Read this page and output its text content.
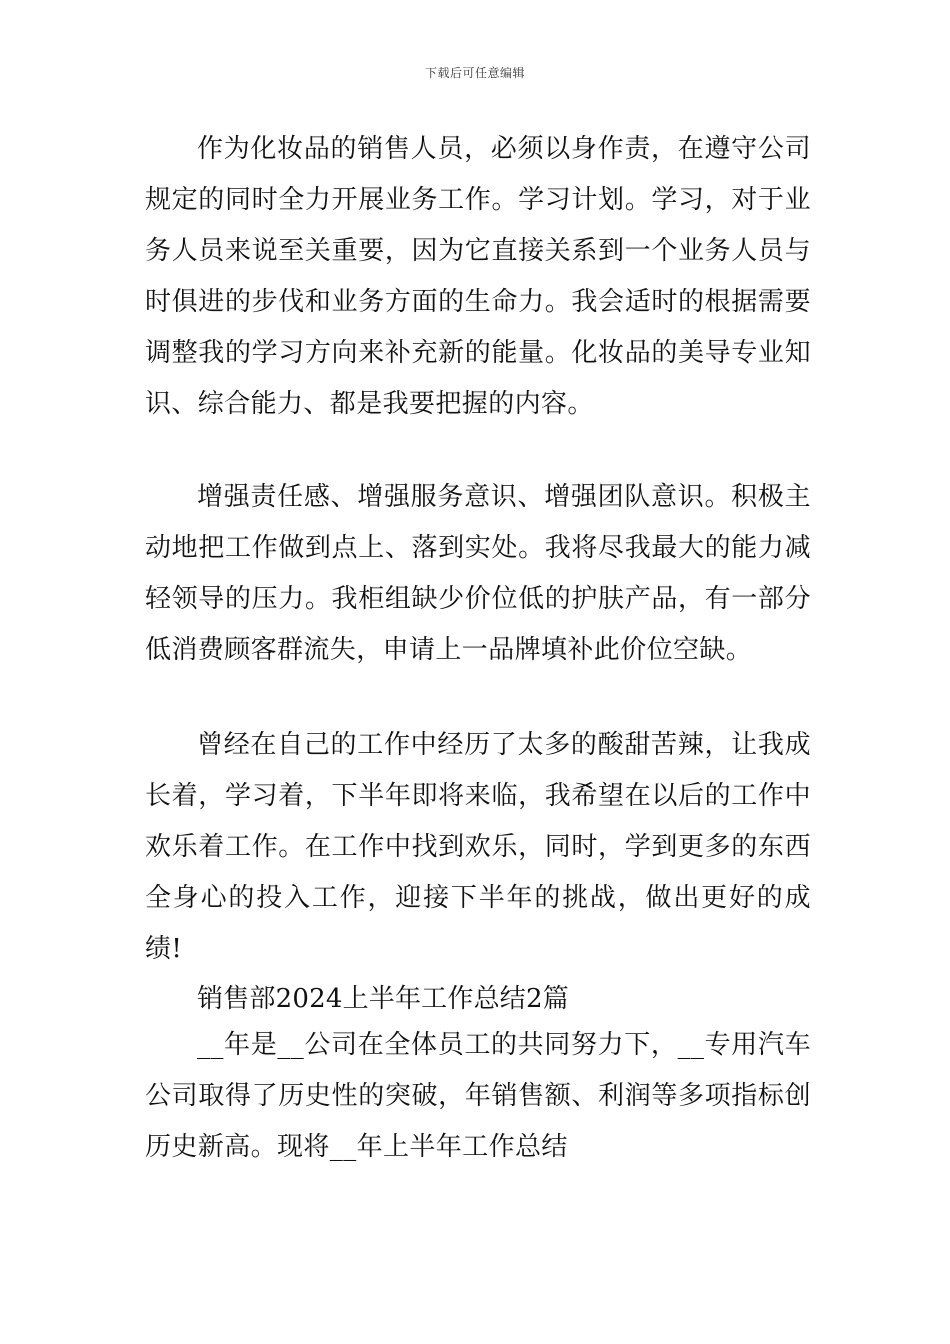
下载后可任意编辑

作为化妆品的销售人员，必须以身作责，在遵守公司规定的同时全力开展业务工作。学习计划。学习，对于业务人员来说至关重要，因为它直接关系到一个业务人员与时俱进的步伐和业务方面的生命力。我会适时的根据需要调整我的学习方向来补充新的能量。化妆品的美导专业知识、综合能力、都是我要把握的内容。

增强责任感、增强服务意识、增强团队意识。积极主动地把工作做到点上、落到实处。我将尽我最大的能力减轻领导的压力。我柜组缺少价位低的护肤产品，有一部分低消费顾客群流失，申请上一品牌填补此价位空缺。

曾经在自己的工作中经历了太多的酸甜苦辣，让我成长着，学习着，下半年即将来临，我希望在以后的工作中欢乐着工作。在工作中找到欢乐，同时，学到更多的东西全身心的投入工作，迎接下半年的挑战，做出更好的成绩!

销售部2024上半年工作总结2篇

__年是__公司在全体员工的共同努力下，__专用汽车公司取得了历史性的突破，年销售额、利润等多项指标创历史新高。现将__年上半年工作总结
